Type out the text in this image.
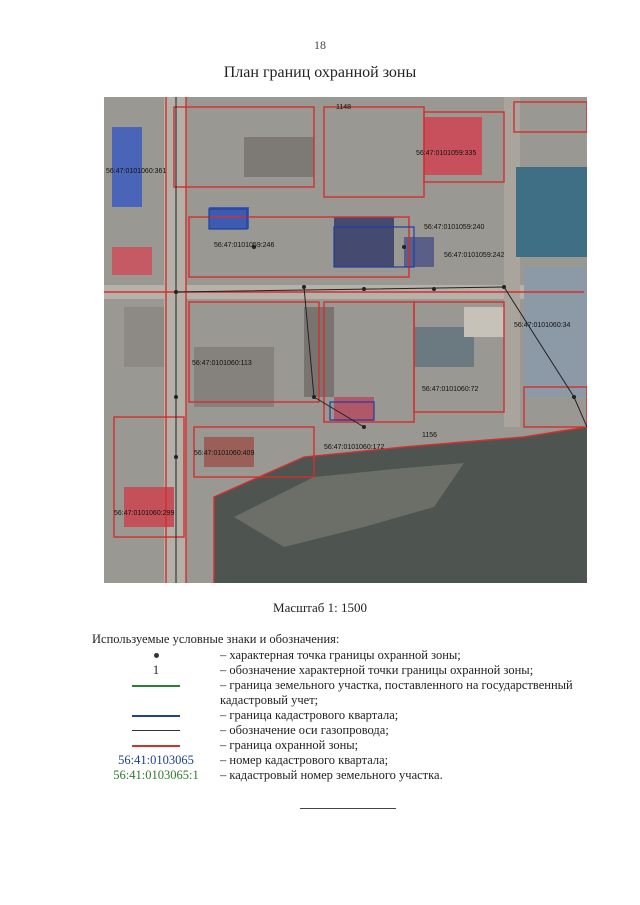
18
План границ охранной зоны
56:47:0101060:361
56:47:0101059:335
56:47:0101059:240
56:47:0101059:242
56:47:0101059:246
56:47:0101060:72
56:47:0101060:34
56:47:0101060:113
56:47:0101060:409
56:47:0101060:172
56:47:0101060:299
1148
1156
Масштаб 1: 1500
Используемые условные знаки и обозначения:
– характерная точка границы охранной зоны;
1	– обозначение характерной точки границы охранной зоны;
– граница земельного участка, поставленного на государственный кадастровый учет;
– граница кадастрового квартала;
– обозначение оси газопровода;
– граница охранной зоны;
56:41:0103065	– номер кадастрового квартала;
56:41:0103065:1	– кадастровый номер земельного участка.
